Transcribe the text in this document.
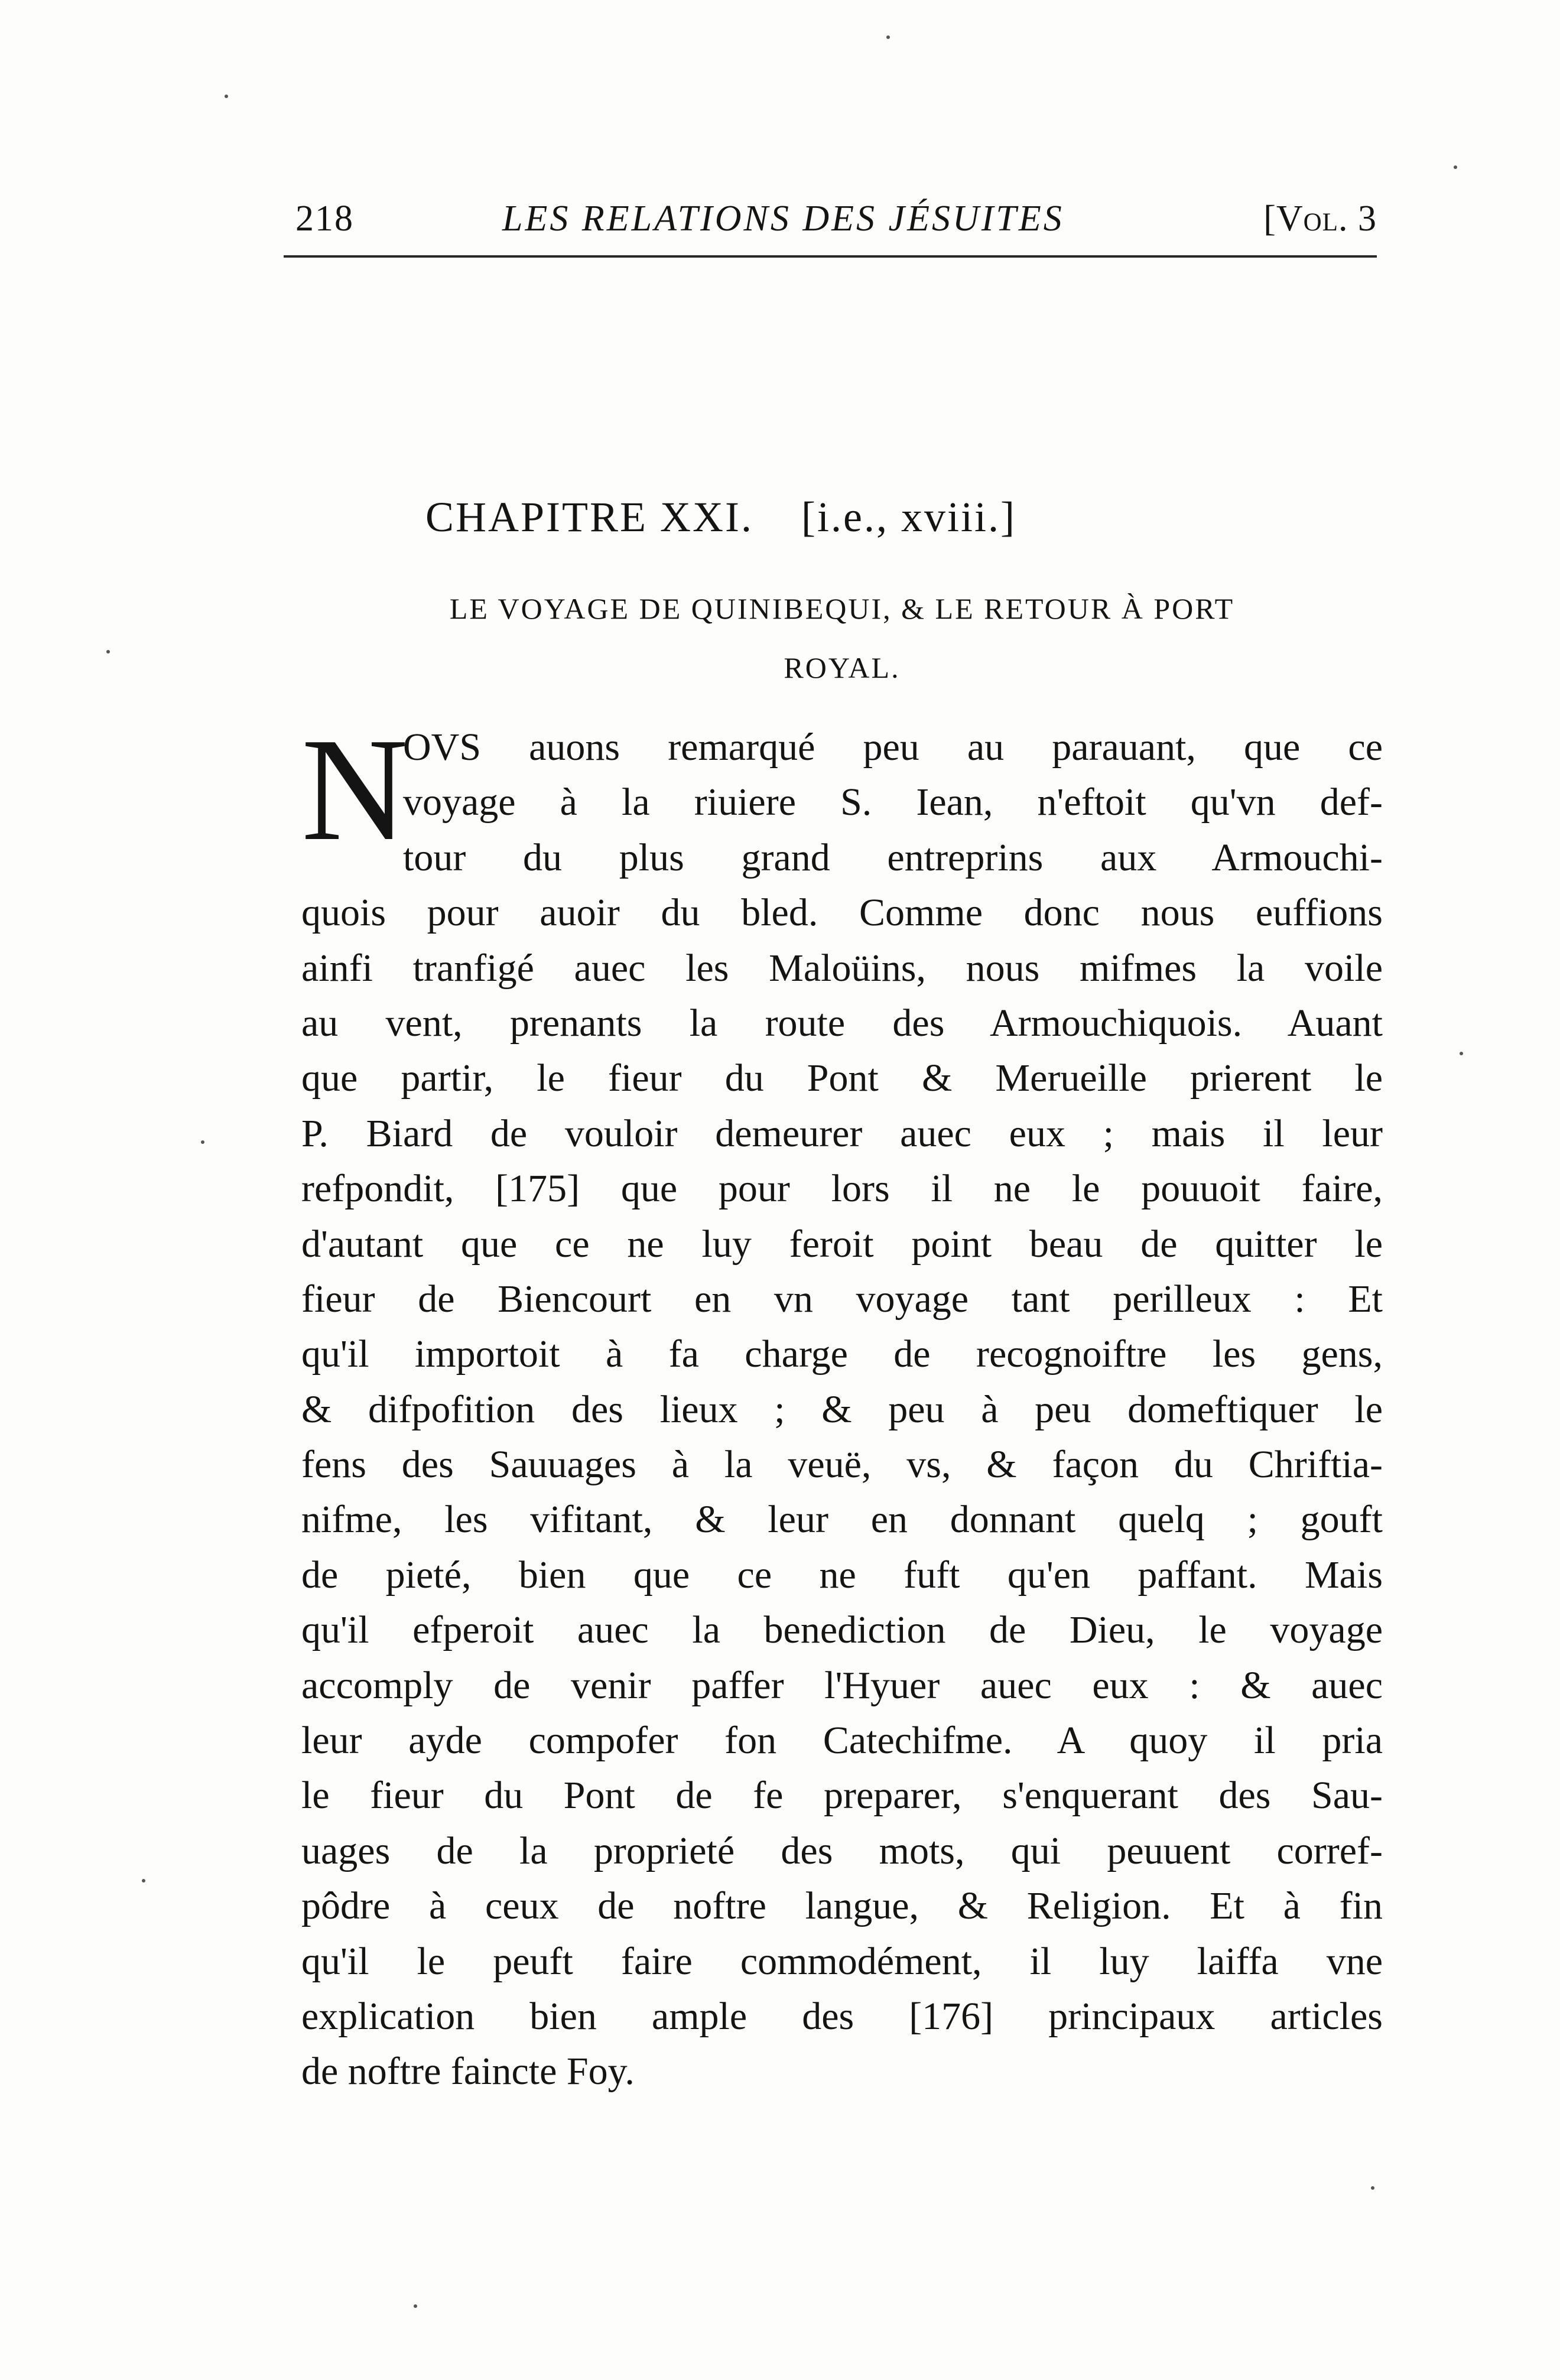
218	LES RELATIONS DES JÉSUITES	[Vol. 3
CHAPITRE XXI. [i.e., xviii.]
LE VOYAGE DE QUINIBEQUI, & LE RETOUR À PORT
ROYAL.
N
OVS auons remarqué peu au parauant, que ce
voyage à la riuiere S. Iean, n'eftoit qu'vn def-
tour du plus grand entreprins aux Armouchi-
quois pour auoir du bled. Comme donc nous euffions
ainfi tranfigé auec les Maloüins, nous mifmes la voile
au vent, prenants la route des Armouchiquois. Auant
que partir, le fieur du Pont & Merueille prierent le
P. Biard de vouloir demeurer auec eux ; mais il leur
refpondit, [175] que pour lors il ne le pouuoit faire,
d'autant que ce ne luy feroit point beau de quitter le
fieur de Biencourt en vn voyage tant perilleux : Et
qu'il importoit à fa charge de recognoiftre les gens,
& difpofition des lieux ; & peu à peu domeftiquer le
fens des Sauuages à la veuë, vs, & façon du Chriftia-
nifme, les vifitant, & leur en donnant quelq ; gouft
de pieté, bien que ce ne fuft qu'en paffant. Mais
qu'il efperoit auec la benediction de Dieu, le voyage
accomply de venir paffer l'Hyuer auec eux : & auec
leur ayde compofer fon Catechifme. A quoy il pria
le fieur du Pont de fe preparer, s'enquerant des Sau-
uages de la proprieté des mots, qui peuuent corref-
pôdre à ceux de noftre langue, & Religion. Et à fin
qu'il le peuft faire commodément, il luy laiffa vne
explication bien ample des [176] principaux articles
de noftre faincte Foy.
